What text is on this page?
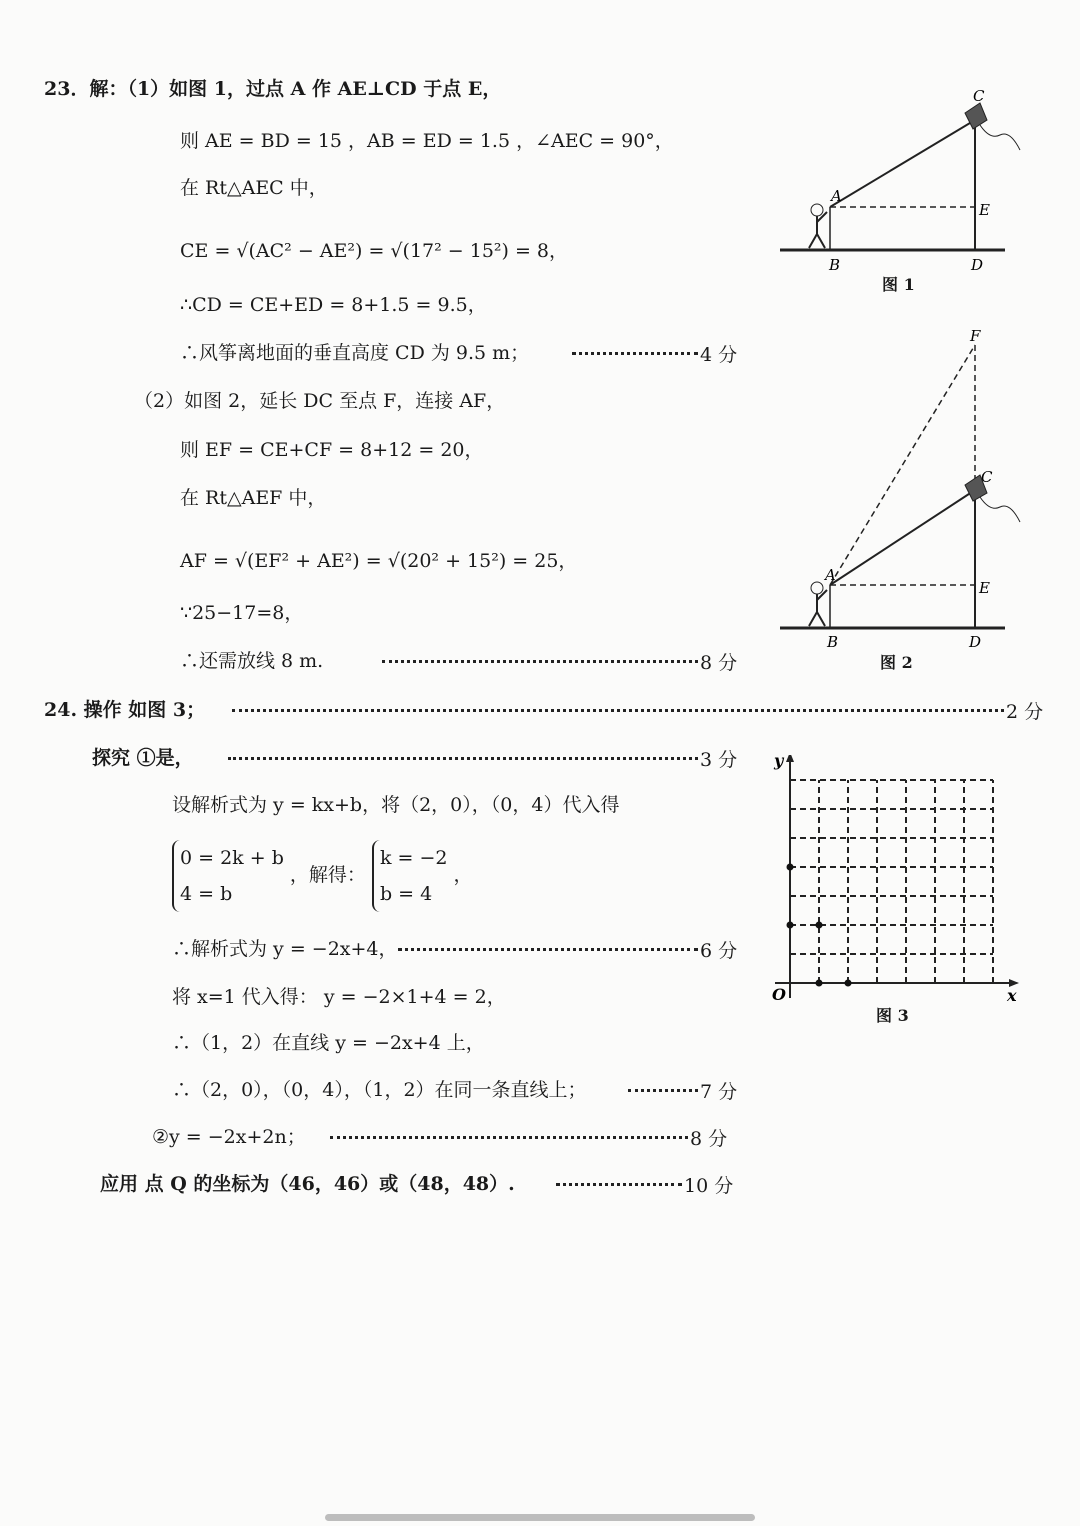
23．解：（1）如图 1，过点 A 作 AE⊥CD 于点 E，
则 AE = BD = 15 ，AB = ED = 1.5 ，∠AEC = 90°，
在 Rt△AEC 中，
CE = √(AC² − AE²) = √(17² − 15²) = 8，
∴CD = CE+ED = 8+1.5 = 9.5，
∴风筝离地面的垂直高度 CD 为 9.5 m；	4 分
（2）如图 2，延长 DC 至点 F，连接 AF，
则 EF = CE+CF = 8+12 = 20，
在 Rt△AEF 中，
AF = √(EF² + AE²) = √(20² + 15²) = 25，
∵25−17=8，
∴还需放线 8 m.	8 分
C
A
E
B	D
图 1
F
C
A
E
B	D
图 2
24. 操作 如图 3；	2 分
探究 ①是，	3 分
设解析式为 y = kx+b，将（2，0），（0，4）代入得
0 = 2k + b
4 = b
，解得：
k = −2
b = 4
，
∴解析式为 y = −2x+4，	6 分
将 x=1 代入得： y = −2×1+4 = 2，
∴（1，2）在直线 y = −2x+4 上，
∴（2，0），（0，4），（1，2）在同一条直线上；	7 分
②y = −2x+2n；	8 分
应用 点 Q 的坐标为（46，46）或（48，48）.	10 分
x
y
O
图 3
